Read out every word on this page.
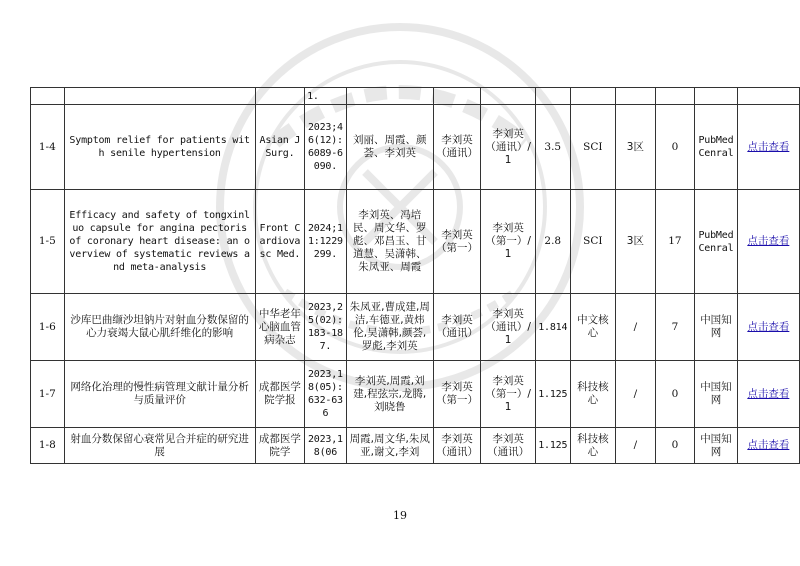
			1.									
1-4	Symptom relief for patients with senile hypertension	Asian J Surg.	2023;46(12):6089-6090.	刘丽、周霞、颜荟、李刘英	李刘英（通讯）	李刘英（通讯）/1	3.5	SCI	3区	0	PubMed Cenral	点击查看
1-5	Efficacy and safety of tongxinluo capsule for angina pectoris of coronary heart disease: an overview of systematic reviews and meta-analysis	Front Cardiovasc Med.	2024;11:1229299.	李刘英、冯培民、周文华、罗彪、邓昌玉、甘道慧、吴潇韩、朱凤亚、周霞	李刘英（第一）	李刘英（第一）/1	2.8	SCI	3区	17	PubMed Cenral	点击查看
1-6	沙库巴曲缬沙坦钠片对射血分数保留的心力衰竭大鼠心肌纤维化的影响	中华老年心脑血管病杂志	2023,25(02):183-187.	朱凤亚,曹成建,周洁,车德亚,黄炜伦,吴潇韩,颜荟,罗彪,李刘英	李刘英（通讯）	李刘英（通讯）/1	1.814	中文核心	/	7	中国知网	点击查看
1-7	网络化治理的慢性病管理文献计量分析与质量评价	成都医学院学报	2023,18(05):632-636	李刘英,周霞,刘建,程弦宗,龙腾,刘晓鲁	李刘英（第一）	李刘英（第一）/1	1.125	科技核心	/	0	中国知网	点击查看
1-8	射血分数保留心衰常见合并症的研究进展	成都医学院学	2023,18(06	周霞,周文华,朱凤亚,谢文,李刘	李刘英（通讯）	李刘英（通讯）	1.125	科技核心	/	0	中国知网	点击查看
19
